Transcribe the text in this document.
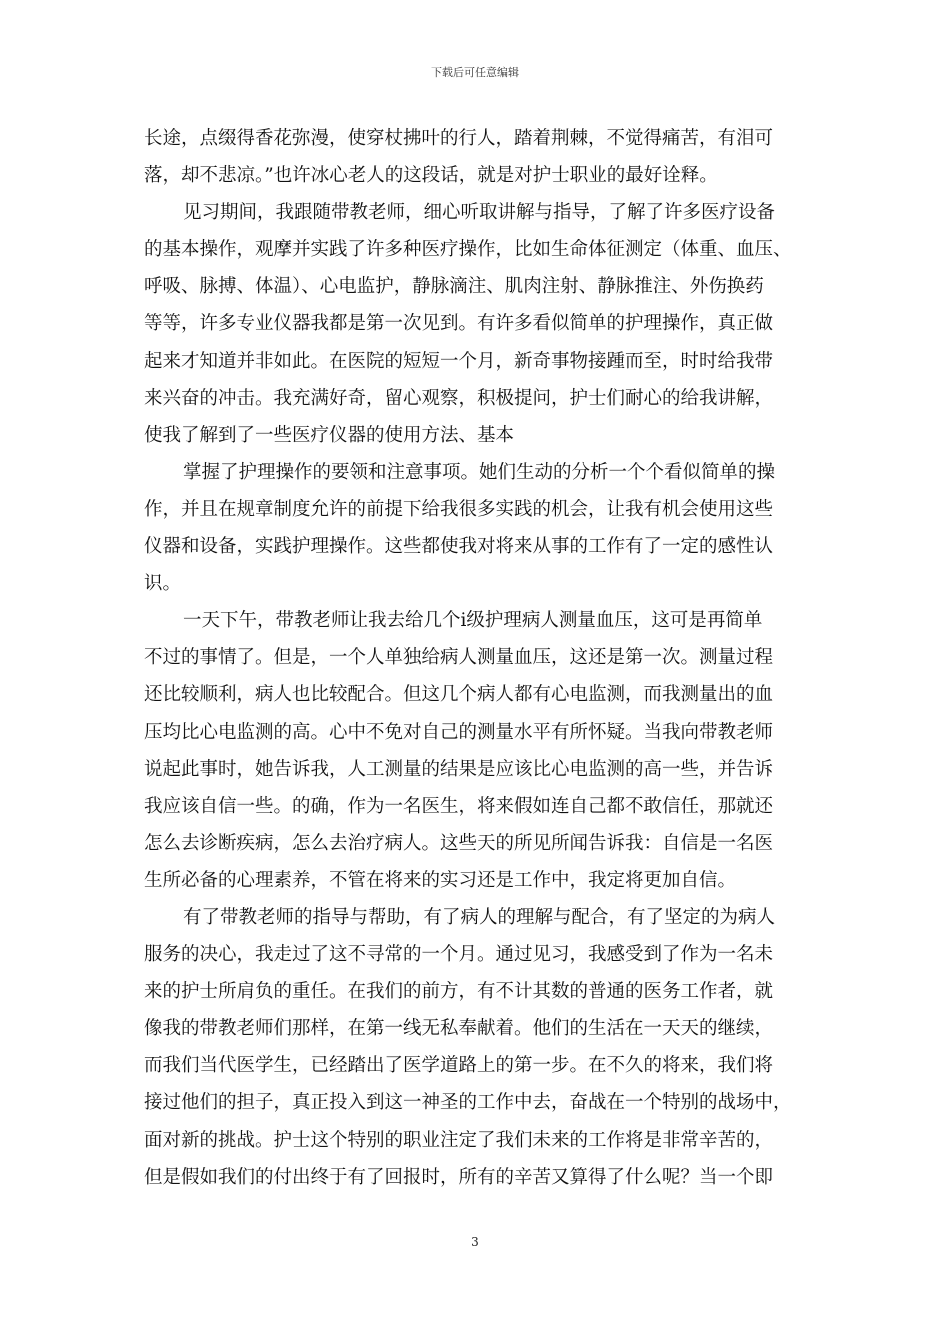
下载后可任意编辑
长途，点缀得香花弥漫，使穿杖拂叶的行人，踏着荆棘，不觉得痛苦，有泪可
落，却不悲凉。”也许冰心老人的这段话，就是对护士职业的最好诠释。
见习期间，我跟随带教老师，细心听取讲解与指导，了解了许多医疗设备
的基本操作，观摩并实践了许多种医疗操作，比如生命体征测定（体重、血压、
呼吸、脉搏、体温）、心电监护，静脉滴注、肌肉注射、静脉推注、外伤换药
等等，许多专业仪器我都是第一次见到。有许多看似简单的护理操作，真正做
起来才知道并非如此。在医院的短短一个月，新奇事物接踵而至，时时给我带
来兴奋的冲击。我充满好奇，留心观察，积极提问，护士们耐心的给我讲解，
使我了解到了一些医疗仪器的使用方法、基本
掌握了护理操作的要领和注意事项。她们生动的分析一个个看似简单的操
作，并且在规章制度允许的前提下给我很多实践的机会，让我有机会使用这些
仪器和设备，实践护理操作。这些都使我对将来从事的工作有了一定的感性认
识。
一天下午，带教老师让我去给几个ⅰ级护理病人测量血压，这可是再简单
不过的事情了。但是，一个人单独给病人测量血压，这还是第一次。测量过程
还比较顺利，病人也比较配合。但这几个病人都有心电监测，而我测量出的血
压均比心电监测的高。心中不免对自己的测量水平有所怀疑。当我向带教老师
说起此事时，她告诉我，人工测量的结果是应该比心电监测的高一些，并告诉
我应该自信一些。的确，作为一名医生，将来假如连自己都不敢信任，那就还
怎么去诊断疾病，怎么去治疗病人。这些天的所见所闻告诉我：自信是一名医
生所必备的心理素养，不管在将来的实习还是工作中，我定将更加自信。
有了带教老师的指导与帮助，有了病人的理解与配合，有了坚定的为病人
服务的决心，我走过了这不寻常的一个月。通过见习，我感受到了作为一名未
来的护士所肩负的重任。在我们的前方，有不计其数的普通的医务工作者，就
像我的带教老师们那样，在第一线无私奉献着。他们的生活在一天天的继续，
而我们当代医学生，已经踏出了医学道路上的第一步。在不久的将来，我们将
接过他们的担子，真正投入到这一神圣的工作中去，奋战在一个特别的战场中，
面对新的挑战。护士这个特别的职业注定了我们未来的工作将是非常辛苦的，
但是假如我们的付出终于有了回报时，所有的辛苦又算得了什么呢？当一个即
3
